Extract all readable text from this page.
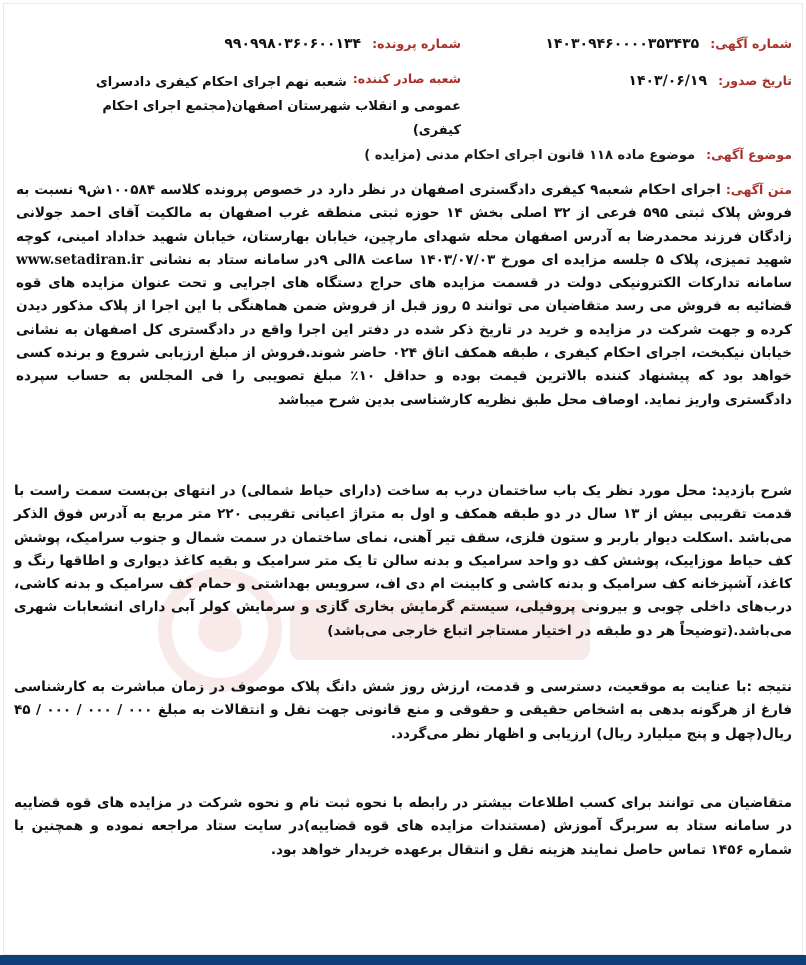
شماره آگهی: ۱۴۰۳۰۹۴۶۰۰۰۰۳۵۳۴۳۵
شماره پرونده: ۹۹۰۹۹۸۰۳۶۰۶۰۰۱۳۴
تاریخ صدور: ۱۴۰۳/۰۶/۱۹
شعبه صادر کننده:
شعبه نهم اجرای احکام کیفری دادسرای عمومی و انقلاب شهرستان اصفهان(مجتمع اجرای احکام کیفری)
موضوع آگهی: موضوع ماده ۱۱۸ قانون اجرای احکام مدنی (مزایده )
متن آگهی: اجرای احکام شعبه۹ کیفری دادگستری اصفهان در نظر دارد در خصوص پرونده کلاسه ۱۰۰۵۸۴ش۹ نسبت به فروش پلاک ثبتی ۵۹۵ فرعی از ۳۲ اصلی بخش ۱۴ حوزه ثبتی منطقه غرب اصفهان به مالکیت آقای احمد جولانی زادگان فرزند محمدرضا به آدرس اصفهان محله شهدای مارچین، خیابان بهارستان، خیابان شهید خداداد امینی، کوچه شهید تمیزی، پلاک ۵ جلسه مزایده ای مورخ ۱۴۰۳/۰۷/۰۳ ساعت ۸الی ۹در سامانه ستاد به نشانی www.setadiran.ir سامانه تدارکات الکترونیکی دولت در قسمت مزایده های حراج دستگاه های اجرایی و تحت عنوان مزایده های قوه قضائیه به فروش می رسد متقاضیان می توانند ۵ روز قبل از فروش ضمن هماهنگی با این اجرا از پلاک مذکور دیدن کرده و جهت شرکت در مزایده و خرید در تاریخ ذکر شده در دفتر این اجرا واقع در دادگستری کل اصفهان به نشانی خیابان نیکبخت، اجرای احکام کیفری ، طبقه همکف اتاق ۰۲۴ حاضر شوند.فروش از مبلغ ارزیابی شروع و برنده کسی خواهد بود که پیشنهاد کننده بالاترین قیمت بوده و حداقل ۱۰٪ مبلغ تصویبی را فی المجلس به حساب سپرده دادگستری واریز نماید. اوصاف محل طبق نظریه کارشناسی بدین شرح میباشد
شرح بازدید: محل مورد نظر یک باب ساختمان درب به ساخت (دارای حیاط شمالی) در انتهای بن‌بست سمت راست با قدمت تقریبی بیش از ۱۳ سال در دو طبقه همکف و اول به متراژ اعیانی تقریبی ۲۲۰ متر مربع به آدرس فوق الذکر می‌باشد .اسکلت دیوار باربر و ستون فلزی، سقف تیر آهنی، نمای ساختمان در سمت شمال و جنوب سرامیک، پوشش کف حیاط موزاییک، پوشش کف دو واحد سرامیک و بدنه سالن تا یک متر سرامیک و بقیه کاغذ دیواری و اطاقها رنگ و کاغذ، آشپزخانه کف سرامیک و بدنه کاشی و کابینت ام دی اف، سرویس بهداشتی و حمام کف سرامیک و بدنه کاشی، درب‌های داخلی چوبی و بیرونی پروفیلی، سیستم گرمایش بخاری گازی و سرمایش کولر آبی دارای انشعابات شهری می‌باشد.(توضیحاً هر دو طبقه در اختیار مستاجر اتباع خارجی می‌باشد)
نتیجه :با عنایت به موقعیت، دسترسی و قدمت، ارزش روز شش دانگ پلاک موصوف در زمان مباشرت به کارشناسی فارغ از هرگونه بدهی به اشخاص حقیقی و حقوقی و منع قانونی جهت نقل و انتقالات به مبلغ ۰۰۰ / ۰۰۰ / ۰۰۰ / ۴۵ ریال(چهل و پنج میلیارد ریال) ارزیابی و اظهار نظر می‌گردد.
متقاضیان می توانند برای کسب اطلاعات بیشتر در رابطه با نحوه ثبت نام و نحوه شرکت در مزایده های قوه قضاییه در سامانه ستاد به سربرگ آموزش (مستندات مزایده های قوه قضاییه)در سایت ستاد مراجعه نموده و همچنین با شماره ۱۴۵۶ تماس حاصل نمایند هزینه نقل و انتقال برعهده خریدار خواهد بود.
